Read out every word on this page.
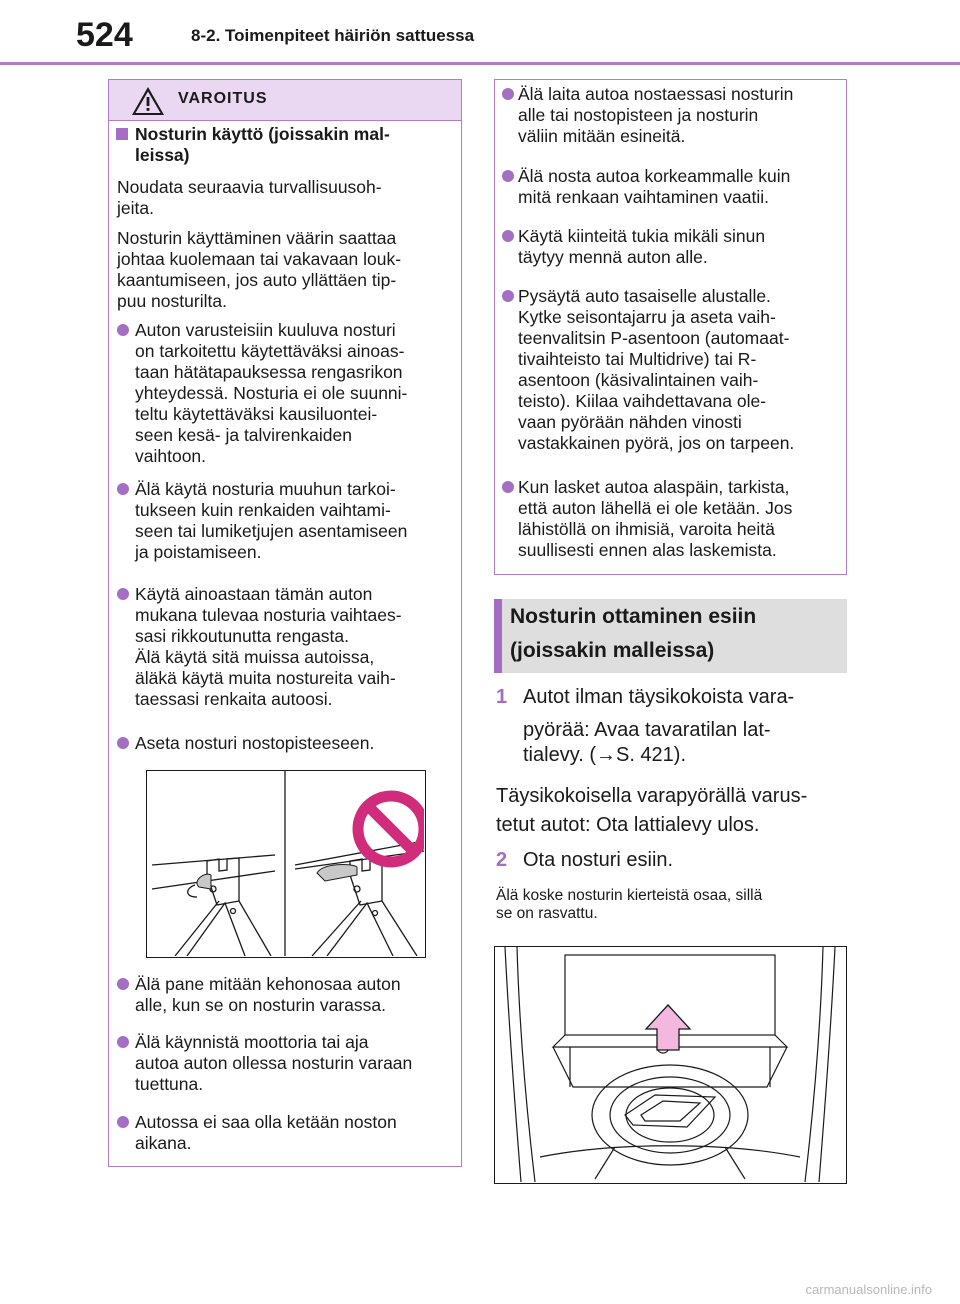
524	8-2. Toimenpiteet häiriön sattuessa
VAROITUS
Nosturin käyttö (joissakin mal-
leissa)
Noudata seuraavia turvallisuusoh-
jeita.
Nosturin käyttäminen väärin saattaa
johtaa kuolemaan tai vakavaan louk-
kaantumiseen, jos auto yllättäen tip-
puu nosturilta.
Auton varusteisiin kuuluva nosturi
on tarkoitettu käytettäväksi ainoas-
taan hätätapauksessa rengasrikon
yhteydessä. Nosturia ei ole suunni-
teltu käytettäväksi kausiluontei-
seen kesä- ja talvirenkaiden
vaihtoon.
Älä käytä nosturia muuhun tarkoi-
tukseen kuin renkaiden vaihtami-
seen tai lumiketjujen asentamiseen
ja poistamiseen.
Käytä ainoastaan tämän auton
mukana tulevaa nosturia vaihtaes-
sasi rikkoutunutta rengasta.
Älä käytä sitä muissa autoissa,
äläkä käytä muita nostureita vaih-
taessasi renkaita autoosi.
Aseta nosturi nostopisteeseen.
Älä pane mitään kehonosaa auton
alle, kun se on nosturin varassa.
Älä käynnistä moottoria tai aja
autoa auton ollessa nosturin varaan
tuettuna.
Autossa ei saa olla ketään noston
aikana.
Älä laita autoa nostaessasi nosturin
alle tai nostopisteen ja nosturin
väliin mitään esineitä.
Älä nosta autoa korkeammalle kuin
mitä renkaan vaihtaminen vaatii.
Käytä kiinteitä tukia mikäli sinun
täytyy mennä auton alle.
Pysäytä auto tasaiselle alustalle.
Kytke seisontajarru ja aseta vaih-
teenvalitsin P-asentoon (automaat-
tivaihteisto tai Multidrive) tai R-
asentoon (käsivalintainen vaih-
teisto). Kiilaa vaihdettavana ole-
vaan pyörään nähden vinosti
vastakkainen pyörä, jos on tarpeen.
Kun lasket autoa alaspäin, tarkista,
että auton lähellä ei ole ketään. Jos
lähistöllä on ihmisiä, varoita heitä
suullisesti ennen alas laskemista.
Nosturin ottaminen esiin
(joissakin malleissa)
1 Autot ilman täysikokoista vara-
pyörää: Avaa tavaratilan lat-
tialevy. (→S. 421).
Täysikokoisella varapyörällä varus-
tetut autot: Ota lattialevy ulos.
2 Ota nosturi esiin.
Älä koske nosturin kierteistä osaa, sillä
se on rasvattu.
carmanualsonline.info
